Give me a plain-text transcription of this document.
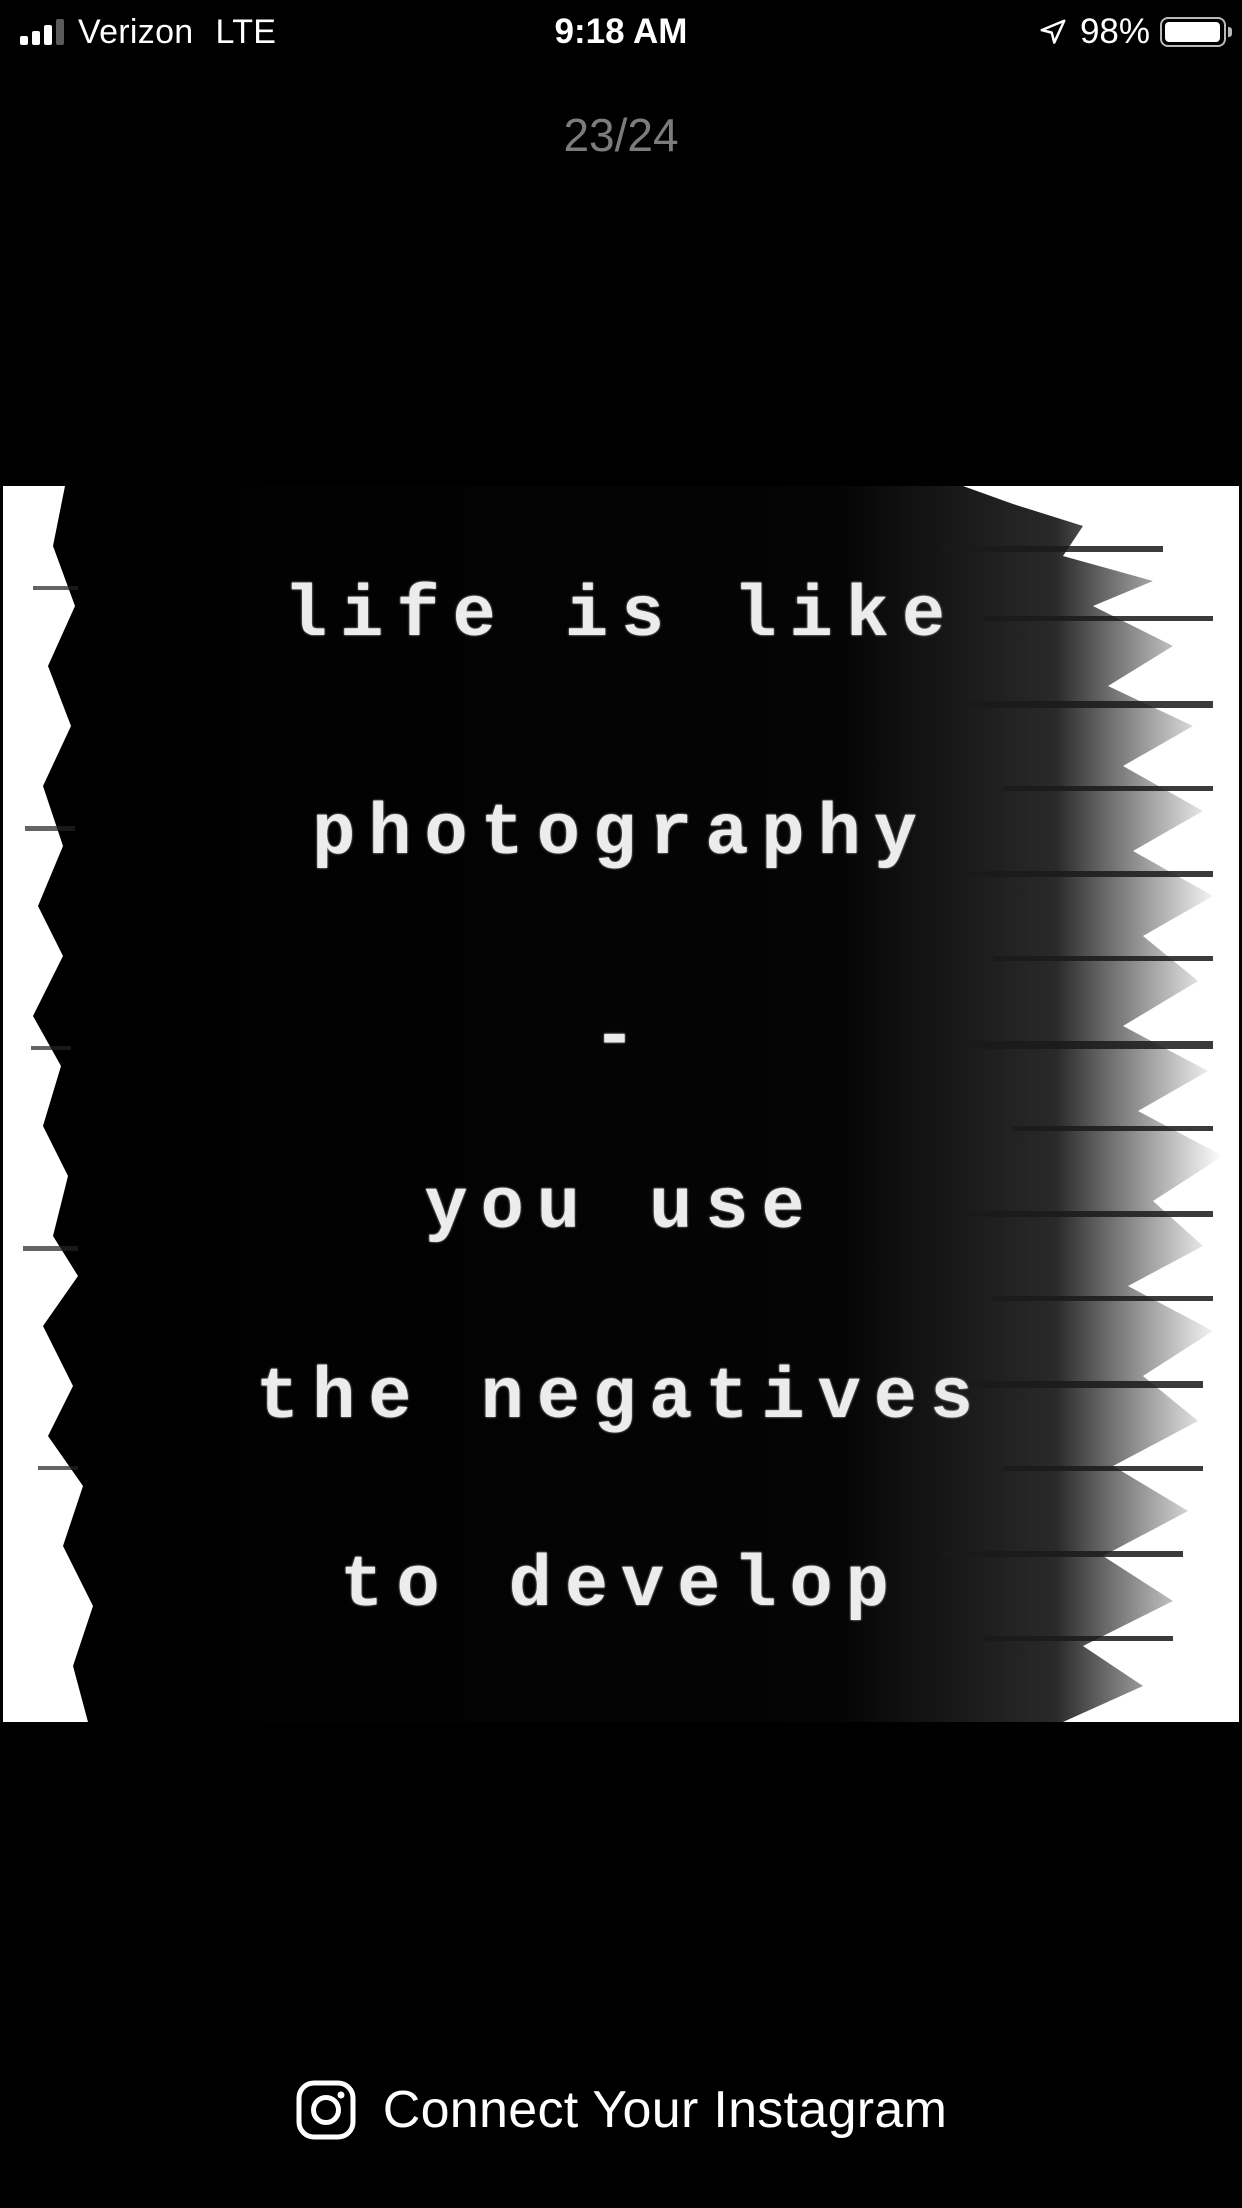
Verizon LTE	9:18 AM	98%
23/24

life is like

photography

-

you use

the negatives

to develop

Connect Your Instagram
